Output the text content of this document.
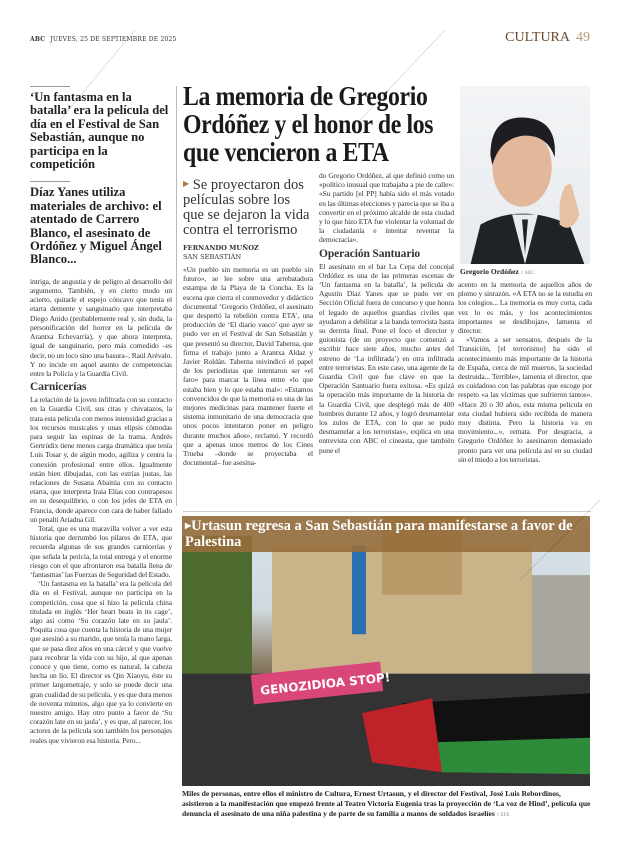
ABC JUEVES, 25 DE SEPTIEMBRE DE 2025	CULTURA 49
‘Un fantasma en la batalla’ era la película del día en el Festival de San Sebastián, aunque no participa en la competición
Díaz Yanes utiliza materiales de archivo: el atentado de Carrero Blanco, el asesinato de Ordóñez y Miguel Ángel Blanco...

intriga, de angustia y de peligro al desarrollo del argumento. También, y en cierto modo un acierto, quitarle el espejo cóncavo que tenía el etarra demente y sanguinario que interpretaba Diego Anido (probablemente real y, sin duda, la personificación del horror en la película de Arantxa Echevarría), y que ahora interpreta, igual de sanguinario, pero más comedido –es decir, no un loco sino una basura–, Raúl Arévalo. Y no incide en aquel asunto de competencias entre la Policía y la Guardia Civil.

Carnicerías

La relación de la joven infiltrada con su contacto en la Guardia Civil, sus citas y chivatazos, la trata esta película con menos intensidad gracias a los recursos musicales y unas elipsis cómodas para seguir las espinas de la trama. Andrés Gertrúdix tiene menos carga dramática que tenía Luis Tosar y, de algún modo, agiliza y centra la conexión profesional entre ellos. Igualmente están bien dibujadas, con las estrías justas, las relaciones de Susana Abaitúa con su contacto etarra, que interpreta Iraia Elías con contrapesos en su desequilibrio, o con los jefes de ETA en Francia, donde aparece con cara de haber fallado un penalti Ariadna Gil.

Total, que es una maravilla volver a ver esta historia que derrumbó los pilares de ETA, que recuerda algunas de sus grandes carnicerías y que señala la pericia, la total entrega y el enorme riesgo con el que afrontaron esa batalla llena de ‘fantasmas’ las Fuerzas de Seguridad del Estado.

‘Un fantasma en la batalla’ era la película del día en el Festival, aunque no participa en la competición, cosa que sí hizo la película china titulada en inglés ‘Her heart beats in its cage’, algo así como ‘Su corazón late en su jaula’. Poquita cosa que cuenta la historia de una mujer que asesinó a su marido, que tenía la mano larga, que se pasa diez años en una cárcel y que vuelve para recobrar la vida con su hijo, al que apenas conoce y que tiene, como es natural, la cabeza hecha un lío. El director es Qin Xiaoyu, éste su primer largometraje, y solo se puede decir una gran cualidad de su película, y es que dura menos de noventa minutos, algo que ya lo convierte en nuestro amigo. Hay otro punto a favor de ‘Su corazón late en su jaula’, y es que, al parecer, los actores de la película son también los personajes reales que vivieron esa historia. Pero...

La memoria de Gregorio Ordóñez y el honor de los que vencieron a ETA
▶ Se proyectaron dos películas sobre los que se dejaron la vida contra el terrorismo
FERNANDO MUÑOZ
SAN SEBASTIÁN

«Un pueblo sin memoria es un pueblo sin futuro», se lee sobre una arrebatadora estampa de la Playa de la Concha. Es la escena que cierra el conmovedor y didáctico documental ‘Gregorio Ordóñez, el asesinato que despertó la rebelión contra ETA’, una producción de ‘El diario vasco’ que ayer se pudo ver en el Festival de San Sebastián y que presentó su director, David Taberna, que firma el trabajo junto a Arantxa Aldaz y Javier Roldán. Taberna reivindicó el papel de los periodistas que intentaron ser «el faro» para marcar la línea entre «lo que estaba bien y lo que estaba mal»: «Estamos convencidos de que la memoria es una de las mejores medicinas para mantener fuerte el sistema inmunitario de una democracia que unos pocos intentaron poner en peligro durante muchos años», reclamó. Y recordó que a apenas unos metros de los Cines Trueba –donde se proyectaba el documental– fue asesina-

do Gregorio Ordóñez, al que definió como un «político inusual que trabajaba a pie de calle»: «Su partido [el PP] había sido el más votado en las últimas elecciones y parecía que se iba a convertir en el próximo alcalde de esta ciudad y lo que hizo ETA fue violentar la voluntad de la ciudadanía e intentar reventar la democracia».

Operación Santuario

El asesinato en el bar La Cepa del concejal Ordóñez es una de las primeras escenas de ‘Un fantasma en la batalla’, la película de Agustín Díaz Yanes que se pudo ver en Sección Oficial fuera de concurso y que honra el legado de aquellos guardias civiles que ayudaron a debilitar a la banda terrorista hasta su derrota final. Pone el foco el director y guionista (de un proyecto que comenzó a escribir hace siete años, mucho antes del estreno de ‘La infiltrada’) en otra infiltrada entre terroristas. En este caso, una agente de la Guardia Civil que fue clave en que la Operación Santuario fuera exitosa. «Es quizá la operación más importante de la historia de la Guardia Civil, que desplegó más de 400 hombres durante 12 años, y logró desmantelar los zulos de ETA, con lo que se pudo desmantelar a los terroristas», explica en una entrevista con ABC el cineasta, que también pone el

Gregorio Ordóñez // ABC

acento en la memoria de aquellos años de plomo y sinrazón. «A ETA no se la estudia en los colegios... La memoria es muy corta, cada vez lo es más, y los acontecimientos importantes se desdibujan», lamenta el director.

«Vamos a ser sensatos, después de la Transición, [el terrorismo] ha sido el acontecimiento más importante de la historia de España, cerca de mil muertos, la sociedad destruida... Terrible», lamenta el director, que es cuidadoso con las palabras que escoge por respeto «a las víctimas que sufrieron tantos». «Hace 20 o 30 años, esta misma película en esta ciudad hubiera sido recibida de manera muy distinta. Pero la historia va en movimiento...», remata. Por desgracia, a Gregorio Ordóñez lo asesinaron demasiado pronto para ver una película así en su ciudad sin el miedo a los terroristas.

▶Urtasun regresa a San Sebastián para manifestarse a favor de Palestina
GENOZIDIOA STOP!
Miles de personas, entre ellos el ministro de Cultura, Ernest Urtasun, y el director del Festival, José Luis Rebordinos, asistieron a la manifestación que empezó frente al Teatro Victoria Eugenia tras la proyección de ‘La voz de Hind’, película que denuncia el asesinato de una niña palestina y de parte de su familia a manos de soldados israelíes // EFE
